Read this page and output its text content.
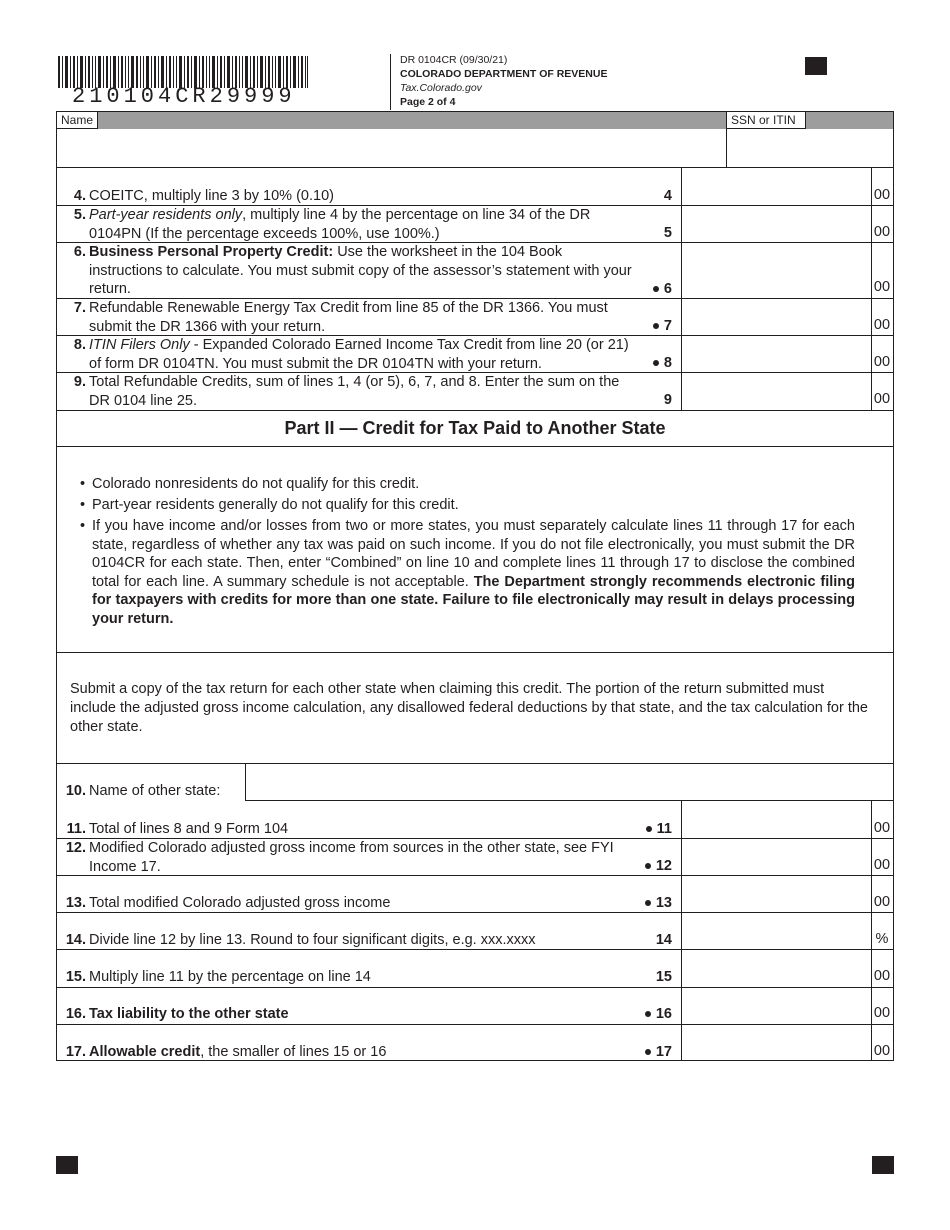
210104CR29999
DR 0104CR (09/30/21)
COLORADO DEPARTMENT OF REVENUE
Tax.Colorado.gov
Page 2 of 4
Name	SSN or ITIN
4. COEITC, multiply line 3 by 10% (0.10)	4	00
5. Part-year residents only, multiply line 4 by the percentage on line 34 of the DR 0104PN (If the percentage exceeds 100%, use 100%.)	5	00
6. Business Personal Property Credit: Use the worksheet in the 104 Book instructions to calculate. You must submit copy of the assessor’s statement with your return.	6	00
7. Refundable Renewable Energy Tax Credit from line 85 of the DR 1366. You must submit the DR 1366 with your return.	7	00
8. ITIN Filers Only - Expanded Colorado Earned Income Tax Credit from line 20 (or 21) of form DR 0104TN. You must submit the DR 0104TN with your return.	8	00
9. Total Refundable Credits, sum of lines 1, 4 (or 5), 6, 7, and 8. Enter the sum on the DR 0104 line 25.	9	00
Part II — Credit for Tax Paid to Another State
• Colorado nonresidents do not qualify for this credit.
• Part-year residents generally do not qualify for this credit.
• If you have income and/or losses from two or more states, you must separately calculate lines 11 through 17 for each state, regardless of whether any tax was paid on such income. If you do not file electronically, you must submit the DR 0104CR for each state. Then, enter “Combined” on line 10 and complete lines 11 through 17 to disclose the combined total for each line. A summary schedule is not acceptable. The Department strongly recommends electronic filing for taxpayers with credits for more than one state. Failure to file electronically may result in delays processing your return.
Submit a copy of the tax return for each other state when claiming this credit. The portion of the return submitted must include the adjusted gross income calculation, any disallowed federal deductions by that state, and the tax calculation for the other state.
10. Name of other state:
11. Total of lines 8 and 9 Form 104	11	00
12. Modified Colorado adjusted gross income from sources in the other state, see FYI Income 17.	12	00
13. Total modified Colorado adjusted gross income	13	00
14. Divide line 12 by line 13. Round to four significant digits, e.g. xxx.xxxx	14	%
15. Multiply line 11 by the percentage on line 14	15	00
16. Tax liability to the other state	16	00
17. Allowable credit, the smaller of lines 15 or 16	17	00
